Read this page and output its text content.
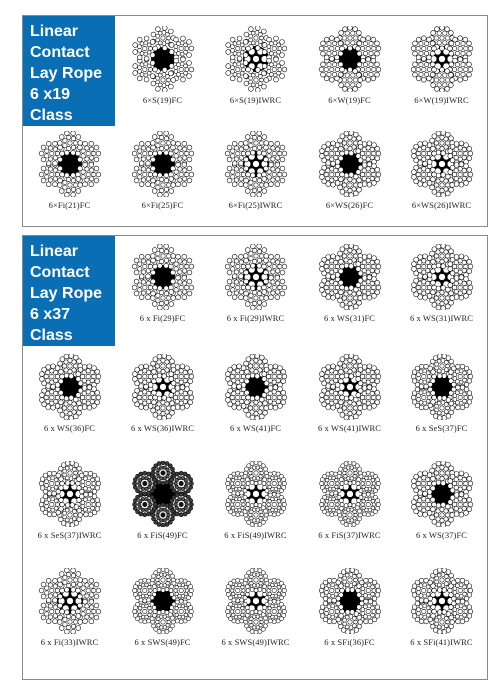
Linear
Contact
Lay Rope
6 x19
Class
6×S(19)FC	6×S(19)IWRC	6×W(19)FC	6×W(19)IWRC
6×Fi(21)FC	6×Fi(25)FC	6×Fi(25)IWRC	6×WS(26)FC	6×WS(26)IWRC
Linear
Contact
Lay Rope
6 x37
Class
6 x Fi(29)FC	6 x Fi(29)IWRC	6 x WS(31)FC	6 x WS(31)IWRC
6 x WS(36)FC	6 x WS(36)IWRC	6 x WS(41)FC	6 x WS(41)IWRC	6 x SeS(37)FC
6 x SeS(37)IWRC	6 x FiS(49)FC	6 x FiS(49)IWRC	6 x FiS(37)IWRC	6 x WS(37)FC
6 x Fi(33)IWRC	6 x SWS(49)FC	6 x SWS(49)IWRC	6 x SFi(36)FC	6 x SFi(41)IWRC
